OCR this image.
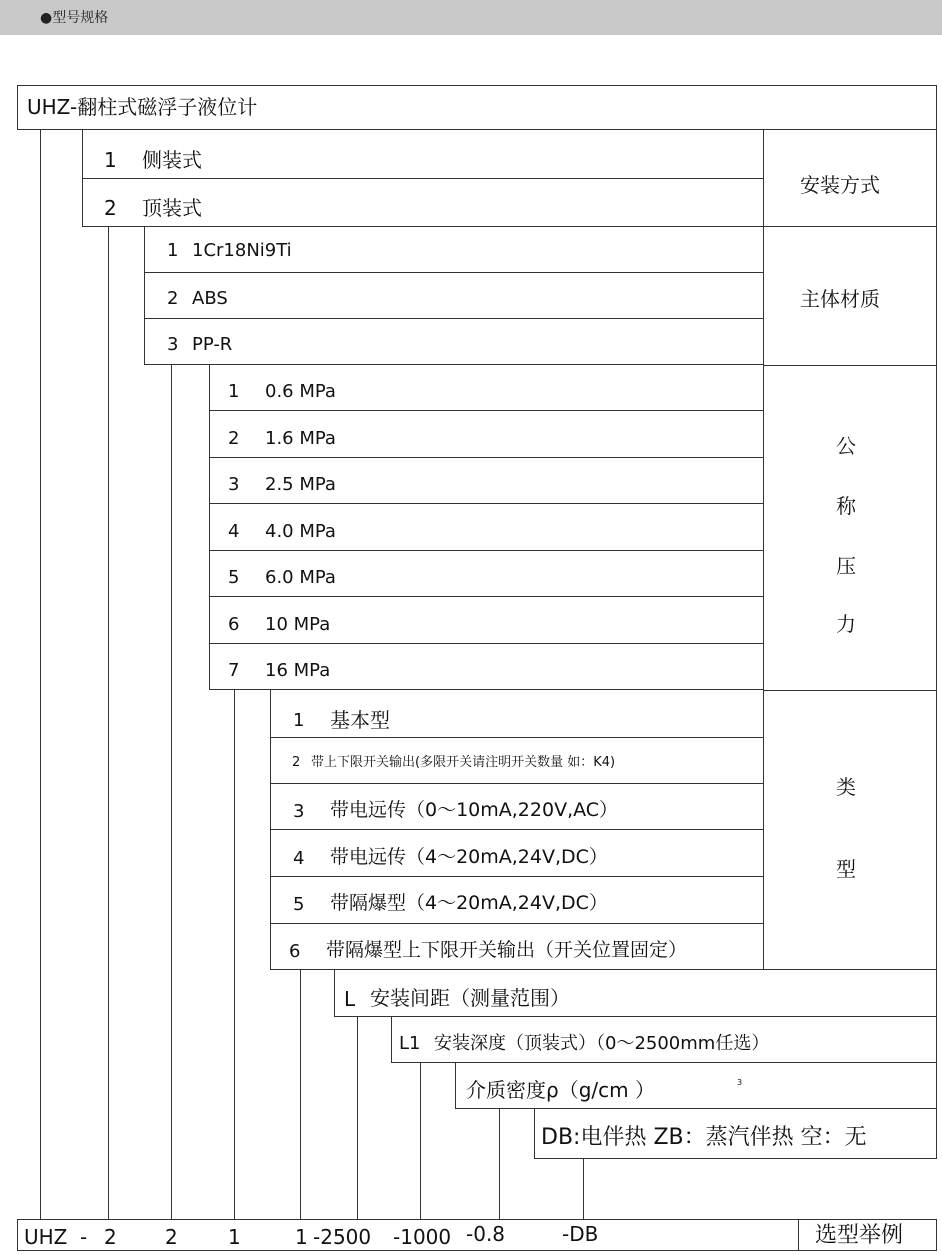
●型号规格
UHZ-翻柱式磁浮子液位计
1 侧装式
2 顶装式
安装方式
1 1Cr18Ni9Ti
2 ABS
3 PP-R
主体材质
1 0.6 MPa
2 1.6 MPa
3 2.5 MPa
4 4.0 MPa
5 6.0 MPa
6 10 MPa
7 16 MPa
公
称
压
力
1 基本型
2 带上下限开关输出(多限开关请注明开关数量 如：K4)
3 带电远传（0～10mA,220V,AC）
4 带电远传（4～20mA,24V,DC）
5 带隔爆型（4～20mA,24V,DC）
6 带隔爆型上下限开关输出（开关位置固定）
类
型
L 安装间距（测量范围）
L1 安装深度（顶装式）（0～2500mm任选）
介质密度ρ（g/cm ）	3
DB:电伴热 ZB：蒸汽伴热 空：无
UHZ - 2 2	1	1 -2500 -1000 -0.8	-DB	选型举例
